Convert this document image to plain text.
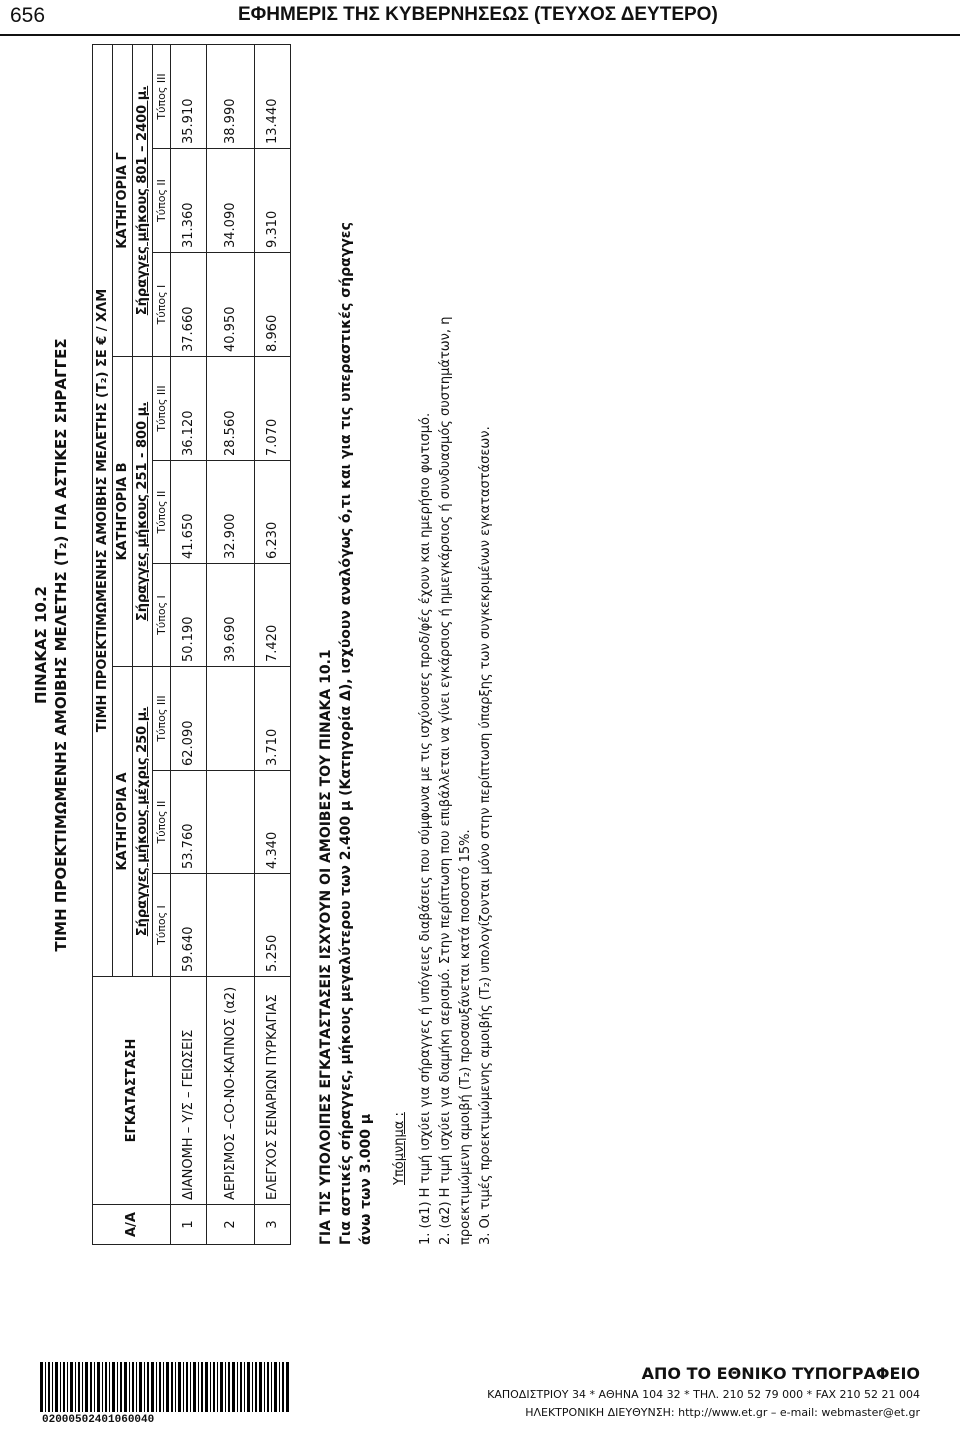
656	ΕΦΗΜΕΡΙΣ ΤΗΣ ΚΥΒΕΡΝΗΣΕΩΣ (ΤΕΥΧΟΣ ΔΕΥΤΕΡΟ)
ΠΙΝΑΚΑΣ 10.2 ΤΙΜΗ ΠΡΟΕΚΤΙΜΩΜΕΝΗΣ ΑΜΟΙΒΗΣ ΜΕΛΕΤΗΣ (Τ₂) ΓΙΑ ΑΣΤΙΚΕΣ ΣΗΡΑΓΓΕΣ
Α/Α	ΕΓΚΑΤΑΣΤΑΣΗ	ΤΙΜΗ ΠΡΟΕΚΤΙΜΩΜΕΝΗΣ ΑΜΟΙΒΗΣ ΜΕΛΕΤΗΣ (Τ₂) ΣΕ € / ΧΛΜ								
		ΚΑΤΗΓΟΡΙΑ Α			ΚΑΤΗΓΟΡΙΑ Β			ΚΑΤΗΓΟΡΙΑ Γ		
		Σήραγγες μήκους μέχρις 250 μ.			Σήραγγες μήκους 251 - 800 μ.			Σήραγγες μήκους 801 – 2400 μ.		
		Τύπος Ι	Τύπος ΙΙ	Τύπος ΙΙΙ	Τύπος Ι	Τύπος ΙΙ	Τύπος ΙΙΙ	Τύπος Ι	Τύπος ΙΙ	Τύπος ΙΙΙ
1	ΔΙΑΝΟΜΗ – Υ/Σ – ΓΕΙΩΣΕΙΣ	59.640	53.760	62.090	50.190	41.650	36.120	37.660	31.360	35.910
2	ΑΕΡΙΣΜΟΣ –CO-NO-ΚΑΠΝΟΣ (α2)				39.690	32.900	28.560	40.950	34.090	38.990
3	ΕΛΕΓΧΟΣ ΣΕΝΑΡΙΩΝ ΠΥΡΚΑΓΙΑΣ	5.250	4.340	3.710	7.420	6.230	7.070	8.960	9.310	13.440
ΓΙΑ ΤΙΣ ΥΠΟΛΟΙΠΕΣ ΕΓΚΑΤΑΣΤΑΣΕΙΣ ΙΣΧΥΟΥΝ ΟΙ ΑΜΟΙΒΕΣ ΤΟΥ ΠΙΝΑΚΑ 10.1 Για αστικές σήραγγες, μήκους μεγαλύτερου των 2.400 μ (Κατηγορία Δ), ισχύουν αναλόγως ό,τι και για τις υπεραστικές σήραγγες άνω των 3.000 μ Υπόμνημα : 1. (α1) Η τιμή ισχύει για σήραγγες ή υπόγειες διαβάσεις που σύμφωνα με τις ισχύουσες προδ/φές έχουν και ημερήσιο φωτισμό. 2. (α2) Η τιμή ισχύει για διαμήκη αερισμό. Στην περίπτωση που επιβάλλεται να γίνει εγκάρσιος ή ημιεγκάρσιος ή συνδυασμός συστημάτων, η προεκτιμώμενη αμοιβή (Τ₂) προσαυξάνεται κατά ποσοστό 15%. 3. Οι τιμές προεκτιμώμενης αμοιβής (Τ₂) υπολογίζονται μόνο στην περίπτωση ύπαρξης των συγκεκριμένων εγκαταστάσεων.
02000502401060040
ΑΠΟ ΤΟ ΕΘΝΙΚΟ ΤΥΠΟΓΡΑΦΕΙΟ
ΚΑΠΟΔΙΣΤΡΙΟΥ 34 * ΑΘΗΝΑ 104 32 * ΤΗΛ. 210 52 79 000 * FAX 210 52 21 004
ΗΛΕΚΤΡΟΝΙΚΗ ΔΙΕΥΘΥΝΣΗ: http://www.et.gr – e-mail: webmaster@et.gr
